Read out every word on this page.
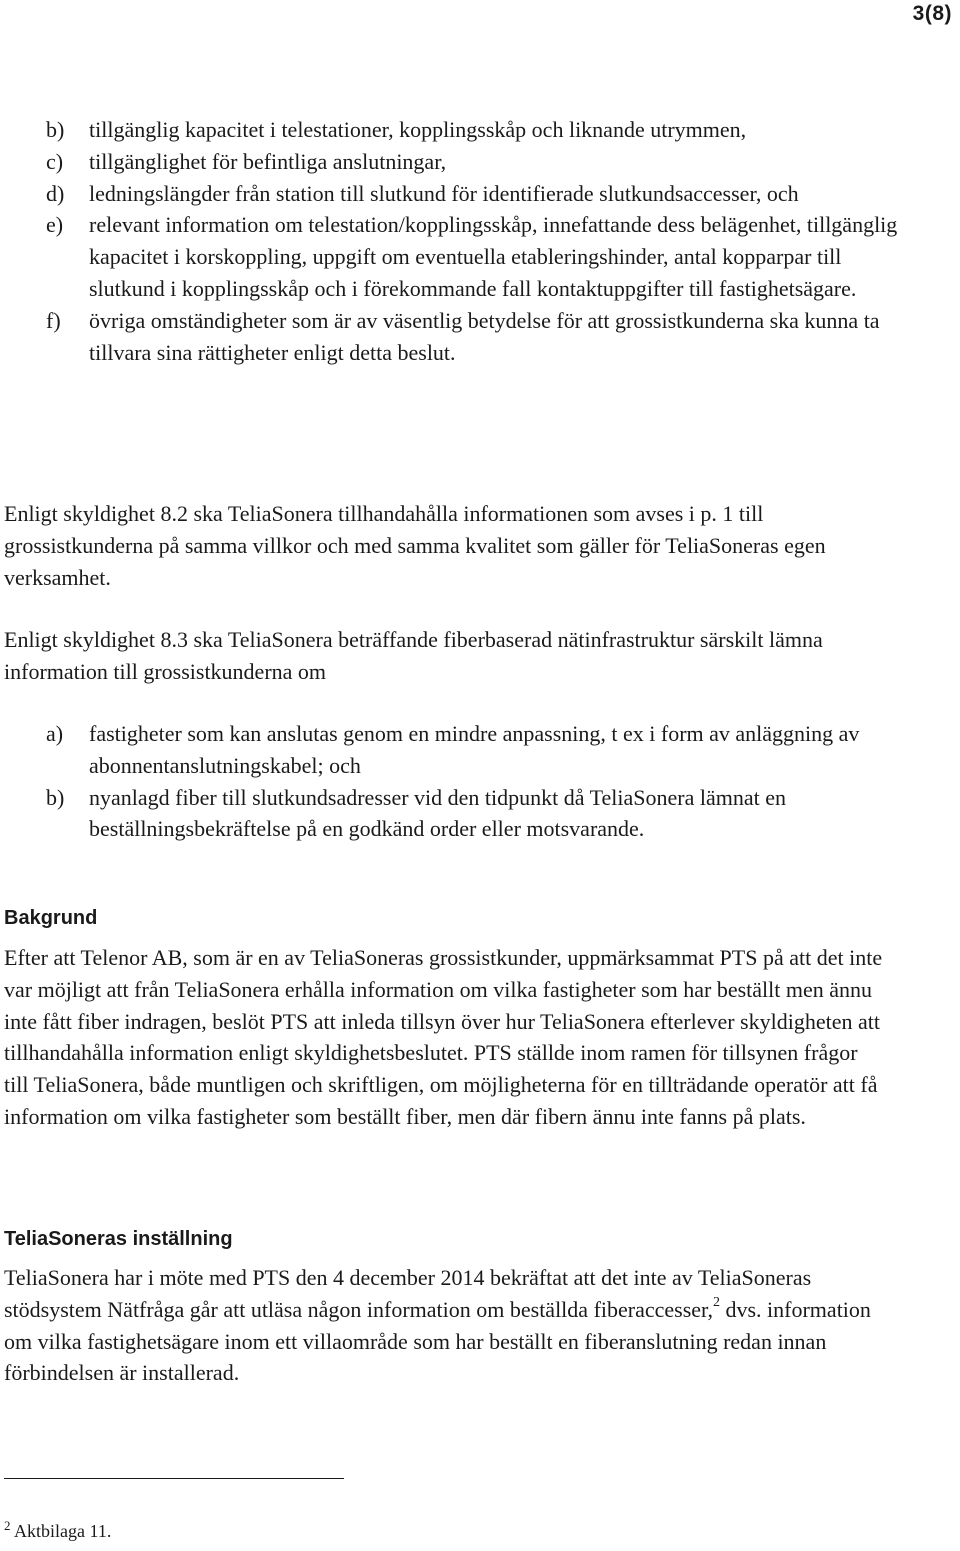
3(8)
b) tillgänglig kapacitet i telestationer, kopplingsskåp och liknande utrymmen,
c) tillgänglighet för befintliga anslutningar,
d) ledningslängder från station till slutkund för identifierade slutkundsaccesser, och
e) relevant information om telestation/kopplingsskåp, innefattande dess belägenhet, tillgänglig kapacitet i korskoppling, uppgift om eventuella etableringshinder, antal kopparpar till slutkund i kopplingsskåp och i förekommande fall kontaktuppgifter till fastighetsägare.
f) övriga omständigheter som är av väsentlig betydelse för att grossistkunderna ska kunna ta tillvara sina rättigheter enligt detta beslut.

Enligt skyldighet 8.2 ska TeliaSonera tillhandahålla informationen som avses i p. 1 till grossistkunderna på samma villkor och med samma kvalitet som gäller för TeliaSoneras egen verksamhet.

Enligt skyldighet 8.3 ska TeliaSonera beträffande fiberbaserad nätinfrastruktur särskilt lämna information till grossistkunderna om

a) fastigheter som kan anslutas genom en mindre anpassning, t ex i form av anläggning av abonnentanslutningskabel; och
b) nyanlagd fiber till slutkundsadresser vid den tidpunkt då TeliaSonera lämnat en beställningsbekräftelse på en godkänd order eller motsvarande.
Bakgrund

Efter att Telenor AB, som är en av TeliaSoneras grossistkunder, uppmärksammat PTS på att det inte var möjligt att från TeliaSonera erhålla information om vilka fastigheter som har beställt men ännu inte fått fiber indragen, beslöt PTS att inleda tillsyn över hur TeliaSonera efterlever skyldigheten att tillhandahålla information enligt skyldighetsbeslutet. PTS ställde inom ramen för tillsynen frågor till TeliaSonera, både muntligen och skriftligen, om möjligheterna för en tillträdande operatör att få information om vilka fastigheter som beställt fiber, men där fibern ännu inte fanns på plats.

TeliaSoneras inställning

TeliaSonera har i möte med PTS den 4 december 2014 bekräftat att det inte av TeliaSoneras stödsystem Nätfråga går att utläsa någon information om beställda fiberaccesser,$^2$ dvs. information om vilka fastighetsägare inom ett villaområde som har beställt en fiberanslutning redan innan förbindelsen är installerad.

$^2$ Aktbilaga 11.
